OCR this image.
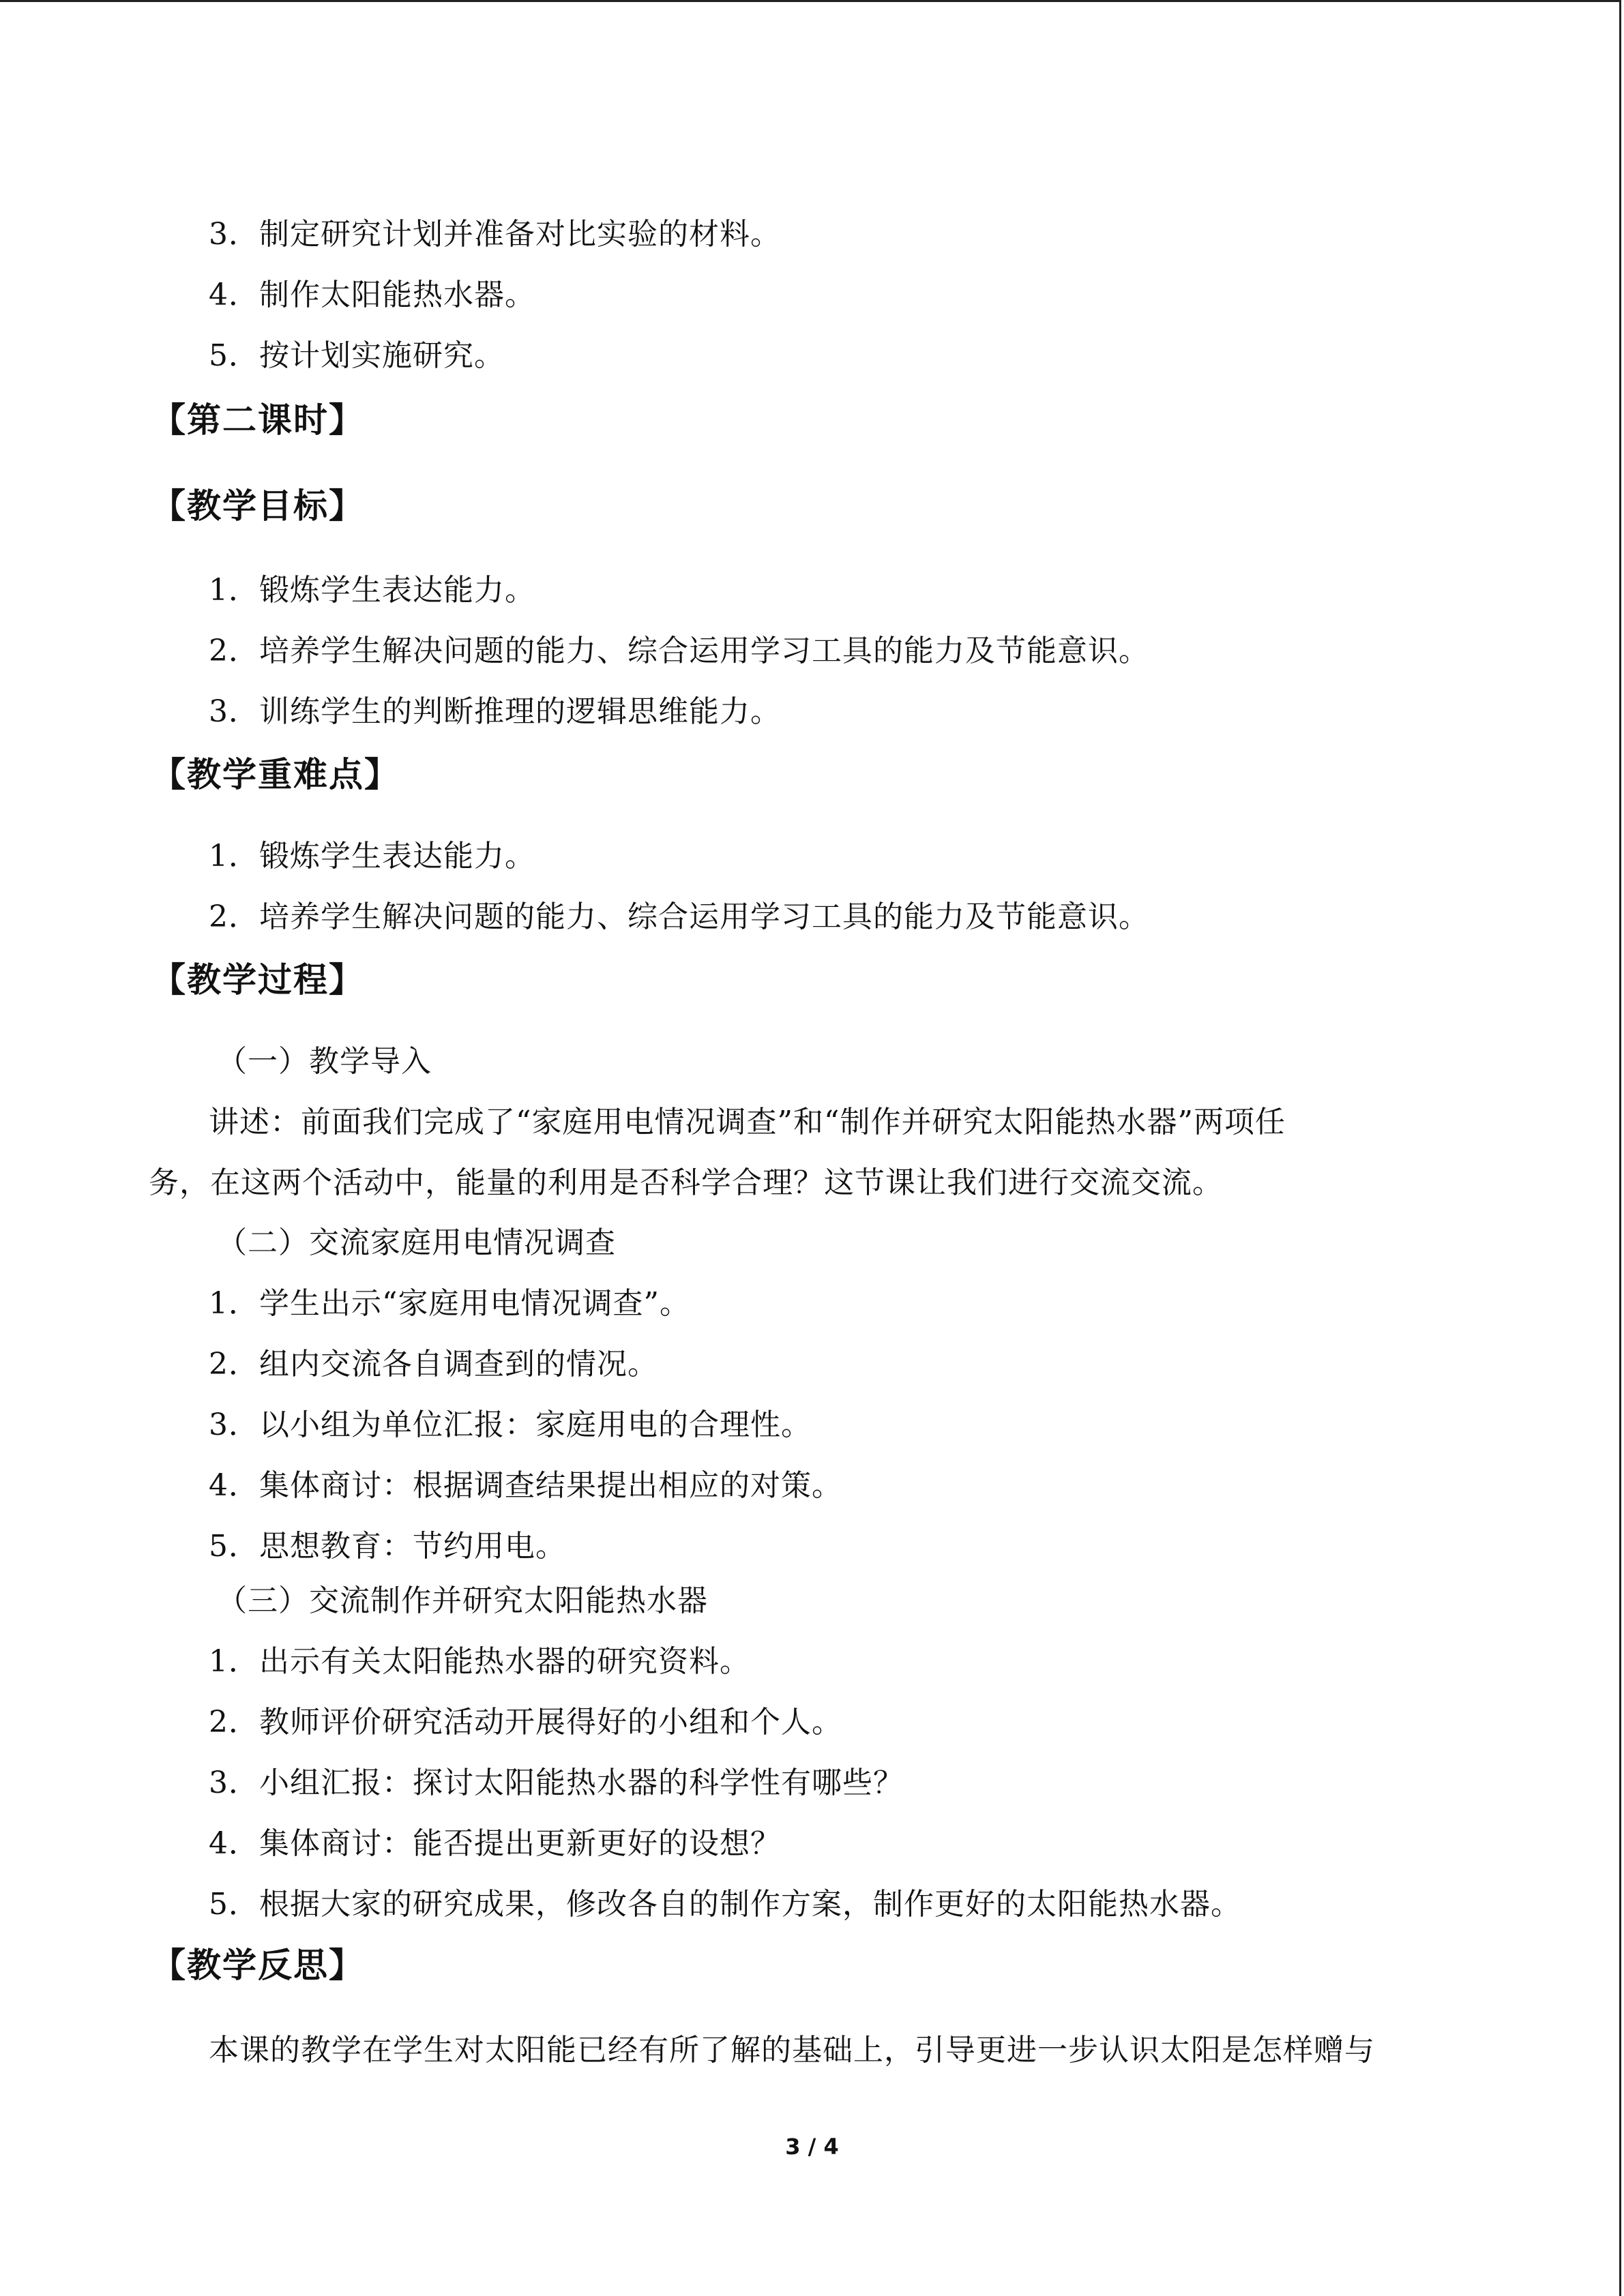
3．制定研究计划并准备对比实验的材料。
4．制作太阳能热水器。
5．按计划实施研究。
【第二课时】
【教学目标】
1．锻炼学生表达能力。
2．培养学生解决问题的能力、综合运用学习工具的能力及节能意识。
3．训练学生的判断推理的逻辑思维能力。
【教学重难点】
1．锻炼学生表达能力。
2．培养学生解决问题的能力、综合运用学习工具的能力及节能意识。
【教学过程】
（一）教学导入
讲述：前面我们完成了“家庭用电情况调查”和“制作并研究太阳能热水器”两项任
务，在这两个活动中，能量的利用是否科学合理？这节课让我们进行交流交流。
（二）交流家庭用电情况调查
1．学生出示“家庭用电情况调查”。
2．组内交流各自调查到的情况。
3．以小组为单位汇报：家庭用电的合理性。
4．集体商讨：根据调查结果提出相应的对策。
5．思想教育：节约用电。
（三）交流制作并研究太阳能热水器
1．出示有关太阳能热水器的研究资料。
2．教师评价研究活动开展得好的小组和个人。
3．小组汇报：探讨太阳能热水器的科学性有哪些？
4．集体商讨：能否提出更新更好的设想？
5．根据大家的研究成果，修改各自的制作方案，制作更好的太阳能热水器。
【教学反思】
本课的教学在学生对太阳能已经有所了解的基础上，引导更进一步认识太阳是怎样赠与
3 / 4
